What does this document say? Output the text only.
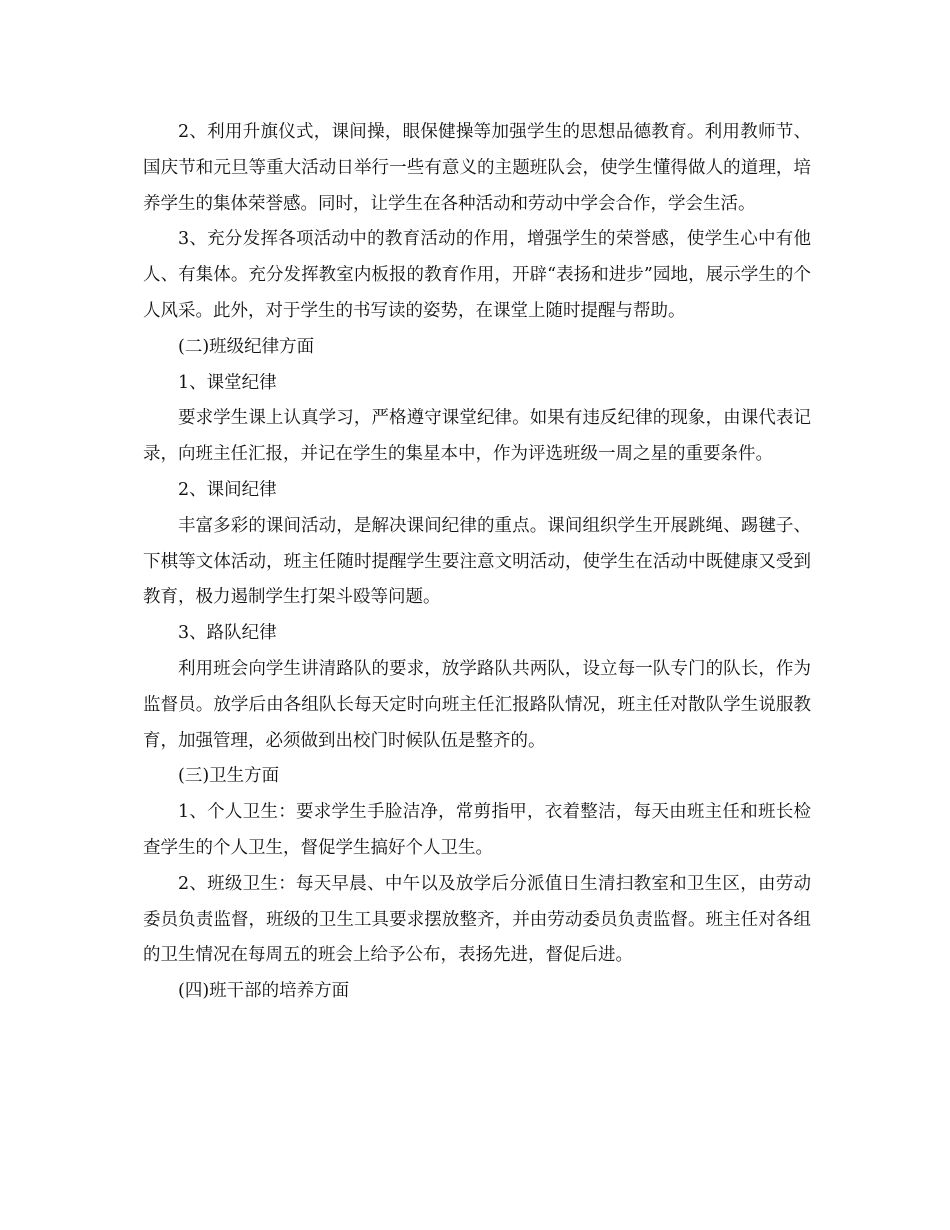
2、利用升旗仪式，课间操，眼保健操等加强学生的思想品德教育。利用教师节、国庆节和元旦等重大活动日举行一些有意义的主题班队会，使学生懂得做人的道理，培养学生的集体荣誉感。同时，让学生在各种活动和劳动中学会合作，学会生活。

3、充分发挥各项活动中的教育活动的作用，增强学生的荣誉感，使学生心中有他人、有集体。充分发挥教室内板报的教育作用，开辟“表扬和进步”园地，展示学生的个人风采。此外，对于学生的书写读的姿势，在课堂上随时提醒与帮助。

(二)班级纪律方面

1、课堂纪律

要求学生课上认真学习，严格遵守课堂纪律。如果有违反纪律的现象，由课代表记录，向班主任汇报，并记在学生的集星本中，作为评选班级一周之星的重要条件。

2、课间纪律

丰富多彩的课间活动，是解决课间纪律的重点。课间组织学生开展跳绳、踢毽子、下棋等文体活动，班主任随时提醒学生要注意文明活动，使学生在活动中既健康又受到教育，极力遏制学生打架斗殴等问题。

3、路队纪律

利用班会向学生讲清路队的要求，放学路队共两队，设立每一队专门的队长，作为监督员。放学后由各组队长每天定时向班主任汇报路队情况，班主任对散队学生说服教育，加强管理，必须做到出校门时候队伍是整齐的。

(三)卫生方面

1、个人卫生：要求学生手脸洁净，常剪指甲，衣着整洁，每天由班主任和班长检查学生的个人卫生，督促学生搞好个人卫生。

2、班级卫生：每天早晨、中午以及放学后分派值日生清扫教室和卫生区，由劳动委员负责监督，班级的卫生工具要求摆放整齐，并由劳动委员负责监督。班主任对各组的卫生情况在每周五的班会上给予公布，表扬先进，督促后进。

(四)班干部的培养方面
